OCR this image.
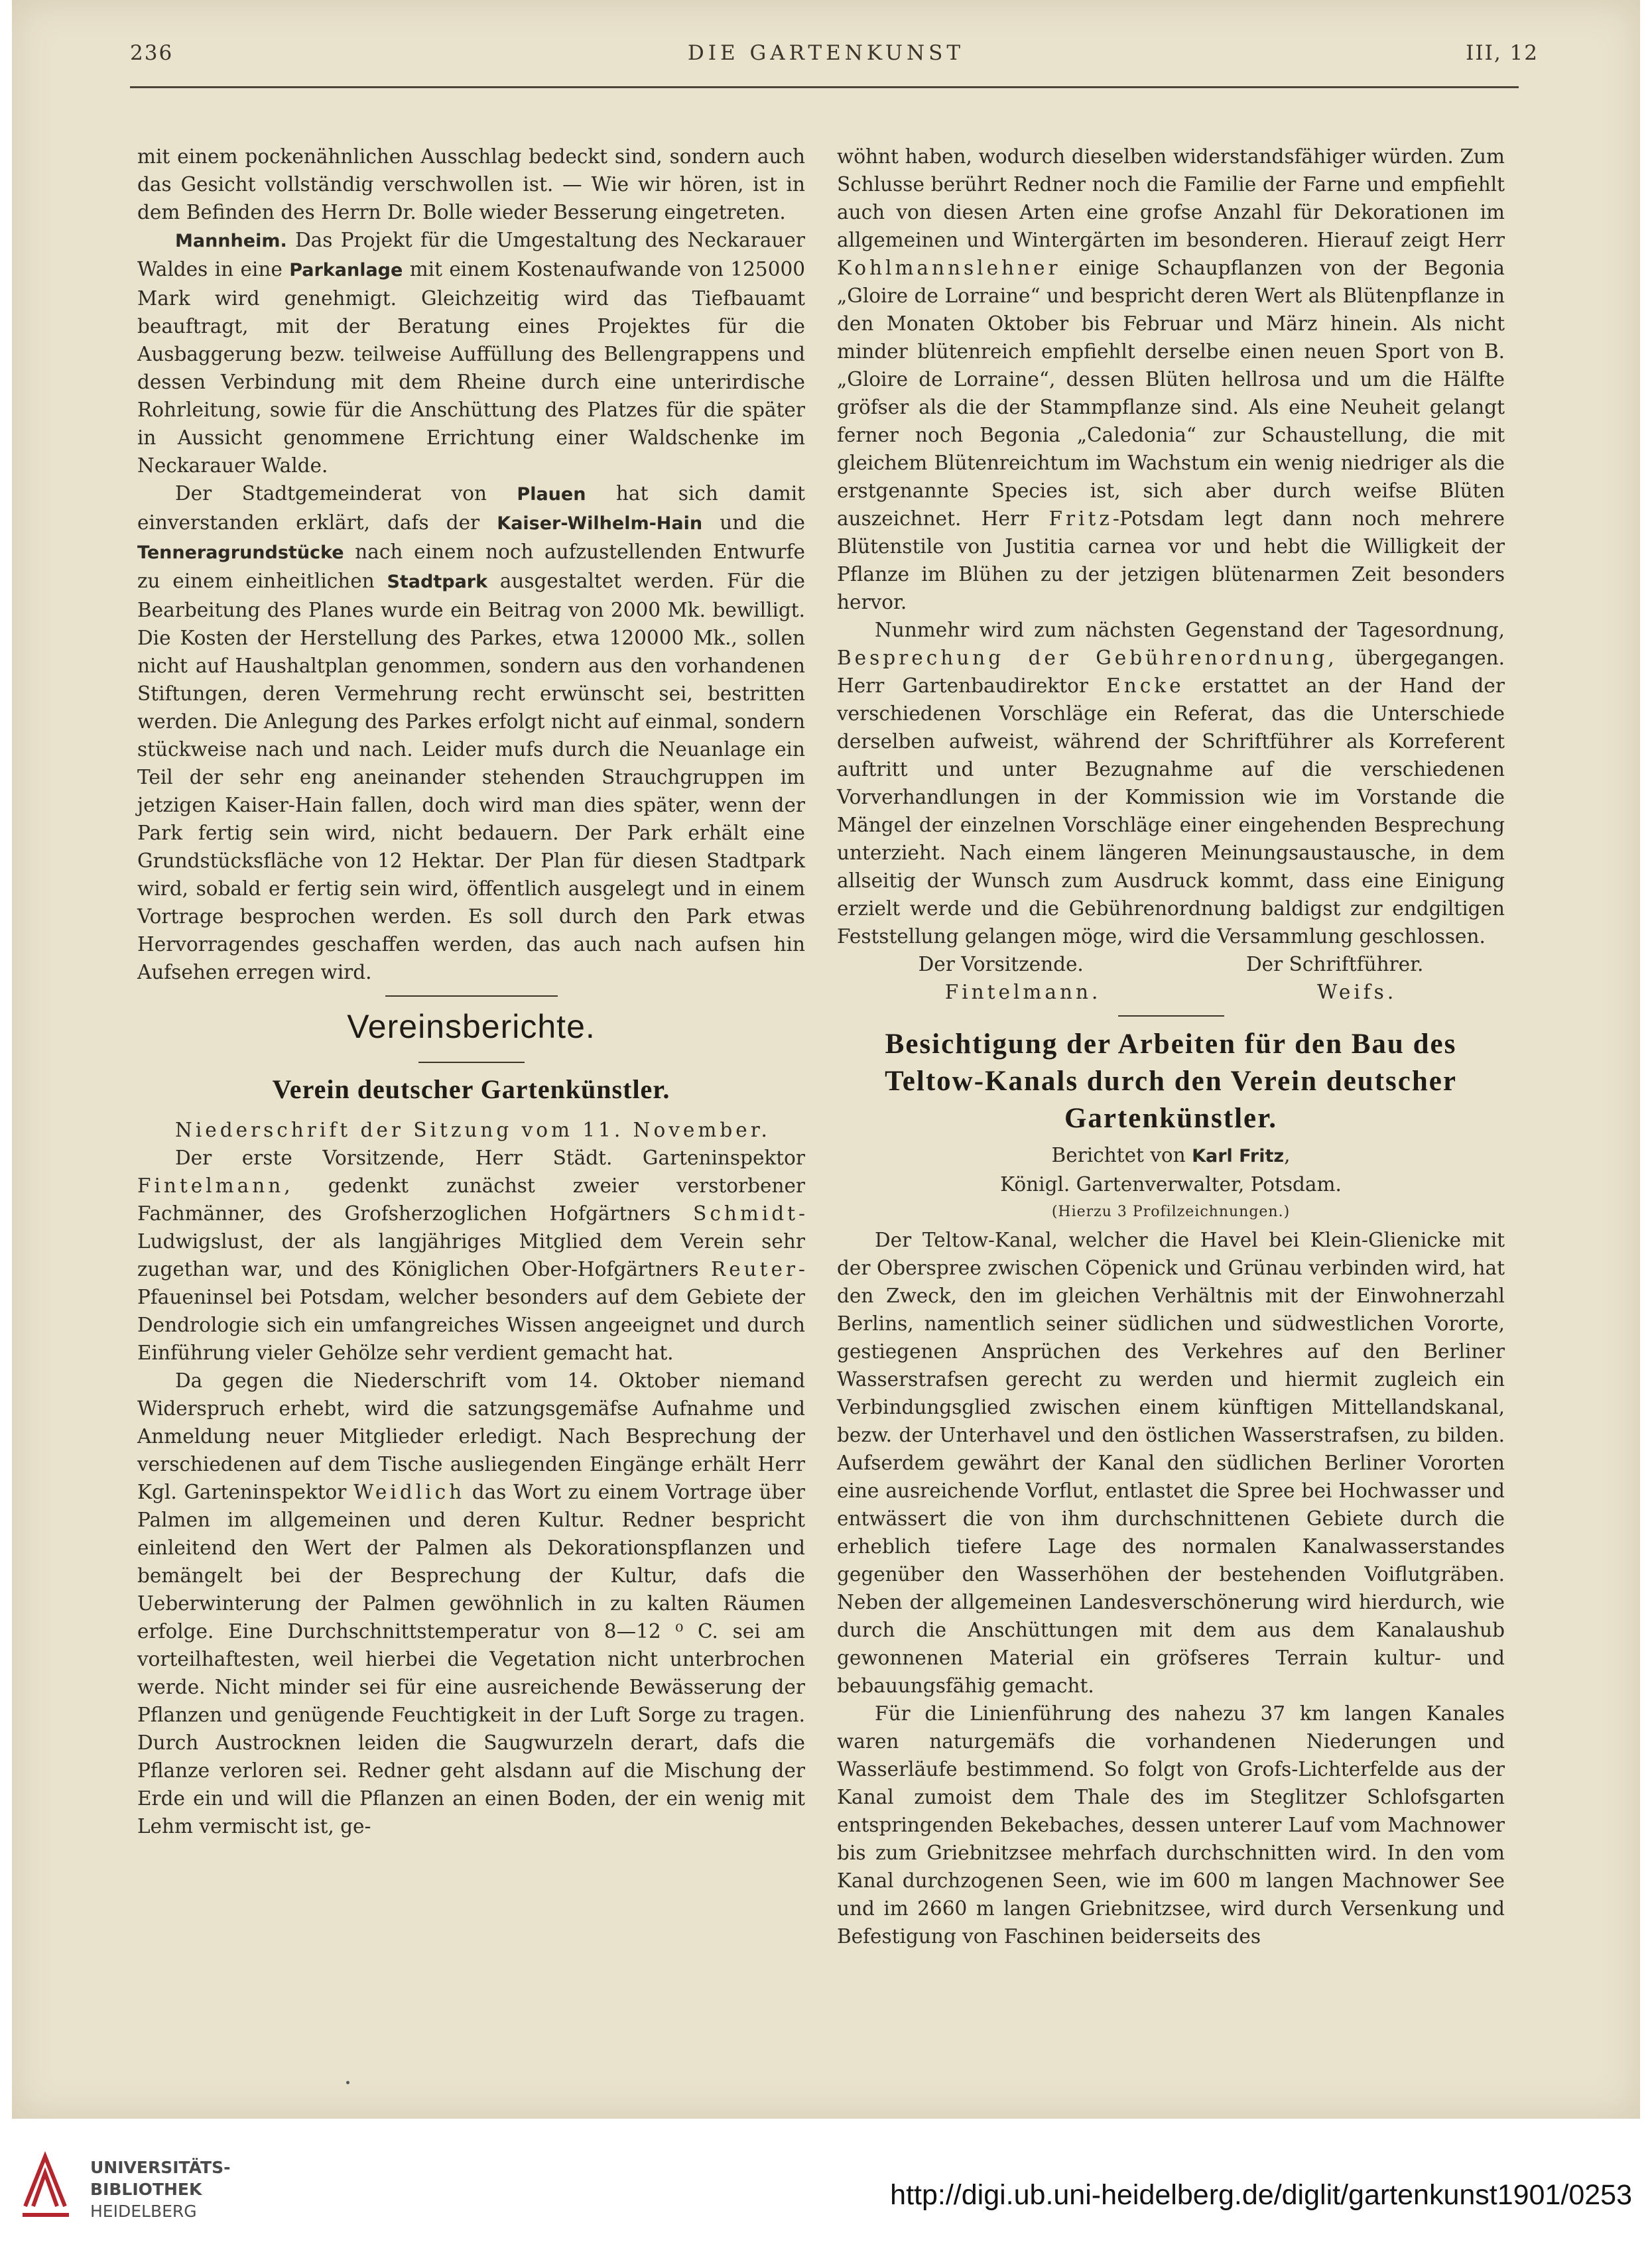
236	DIE GARTENKUNST	III, 12

mit einem pockenähnlichen Ausschlag bedeckt sind, sondern auch das Gesicht vollständig verschwollen ist. — Wie wir hören, ist in dem Befinden des Herrn Dr. Bolle wieder Besserung eingetreten.

Mannheim. Das Projekt für die Umgestaltung des Neckarauer Waldes in eine Parkanlage mit einem Kostenaufwande von 125000 Mark wird genehmigt. Gleichzeitig wird das Tiefbauamt beauftragt, mit der Beratung eines Projektes für die Ausbaggerung bezw. teilweise Auffüllung des Bellengrappens und dessen Verbindung mit dem Rheine durch eine unterirdische Rohrleitung, sowie für die Anschüttung des Platzes für die später in Aussicht genommene Errichtung einer Waldschenke im Neckarauer Walde.

Der Stadtgemeinderat von Plauen hat sich damit einverstanden erklärt, dafs der Kaiser-Wilhelm-Hain und die Tenneragrundstücke nach einem noch aufzustellenden Entwurfe zu einem einheitlichen Stadtpark ausgestaltet werden. Für die Bearbeitung des Planes wurde ein Beitrag von 2000 Mk. bewilligt. Die Kosten der Herstellung des Parkes, etwa 120000 Mk., sollen nicht auf Haushaltplan genommen, sondern aus den vorhandenen Stiftungen, deren Vermehrung recht erwünscht sei, bestritten werden. Die Anlegung des Parkes erfolgt nicht auf einmal, sondern stückweise nach und nach. Leider mufs durch die Neuanlage ein Teil der sehr eng aneinander stehenden Strauchgruppen im jetzigen Kaiser-Hain fallen, doch wird man dies später, wenn der Park fertig sein wird, nicht bedauern. Der Park erhält eine Grundstücksfläche von 12 Hektar. Der Plan für diesen Stadtpark wird, sobald er fertig sein wird, öffentlich ausgelegt und in einem Vortrage besprochen werden. Es soll durch den Park etwas Hervorragendes geschaffen werden, das auch nach aufsen hin Aufsehen erregen wird.

Vereinsberichte.
Verein deutscher Gartenkünstler.

Niederschrift der Sitzung vom 11. November.

Der erste Vorsitzende, Herr Städt. Garteninspektor Fintelmann, gedenkt zunächst zweier verstorbener Fachmänner, des Grofsherzoglichen Hofgärtners Schmidt-Ludwigslust, der als langjähriges Mitglied dem Verein sehr zugethan war, und des Königlichen Ober-Hofgärtners Reuter-Pfaueninsel bei Potsdam, welcher besonders auf dem Gebiete der Dendrologie sich ein umfangreiches Wissen angeeignet und durch Einführung vieler Gehölze sehr verdient gemacht hat.

Da gegen die Niederschrift vom 14. Oktober niemand Widerspruch erhebt, wird die satzungsgemäfse Aufnahme und Anmeldung neuer Mitglieder erledigt. Nach Besprechung der verschiedenen auf dem Tische ausliegenden Eingänge erhält Herr Kgl. Garteninspektor Weidlich das Wort zu einem Vortrage über Palmen im allgemeinen und deren Kultur. Redner bespricht einleitend den Wert der Palmen als Dekorationspflanzen und bemängelt bei der Besprechung der Kultur, dafs die Ueberwinterung der Palmen gewöhnlich in zu kalten Räumen erfolge. Eine Durchschnittstemperatur von 8—12 ⁰ C. sei am vorteilhaftesten, weil hierbei die Vegetation nicht unterbrochen werde. Nicht minder sei für eine ausreichende Bewässerung der Pflanzen und genügende Feuchtigkeit in der Luft Sorge zu tragen. Durch Austrocknen leiden die Saugwurzeln derart, dafs die Pflanze verloren sei. Redner geht alsdann auf die Mischung der Erde ein und will die Pflanzen an einen Boden, der ein wenig mit Lehm vermischt ist, ge-

wöhnt haben, wodurch dieselben widerstandsfähiger würden. Zum Schlusse berührt Redner noch die Familie der Farne und empfiehlt auch von diesen Arten eine grofse Anzahl für Dekorationen im allgemeinen und Wintergärten im besonderen. Hierauf zeigt Herr Kohlmannslehner einige Schaupflanzen von der Begonia „Gloire de Lorraine“ und bespricht deren Wert als Blütenpflanze in den Monaten Oktober bis Februar und März hinein. Als nicht minder blütenreich empfiehlt derselbe einen neuen Sport von B. „Gloire de Lorraine“, dessen Blüten hellrosa und um die Hälfte gröfser als die der Stammpflanze sind. Als eine Neuheit gelangt ferner noch Begonia „Caledonia“ zur Schaustellung, die mit gleichem Blütenreichtum im Wachstum ein wenig niedriger als die erstgenannte Species ist, sich aber durch weifse Blüten auszeichnet. Herr Fritz-Potsdam legt dann noch mehrere Blütenstile von Justitia carnea vor und hebt die Willigkeit der Pflanze im Blühen zu der jetzigen blütenarmen Zeit besonders hervor.

Nunmehr wird zum nächsten Gegenstand der Tagesordnung, Besprechung der Gebührenordnung, übergegangen. Herr Gartenbaudirektor Encke erstattet an der Hand der verschiedenen Vorschläge ein Referat, das die Unterschiede derselben aufweist, während der Schriftführer als Korreferent auftritt und unter Bezugnahme auf die verschiedenen Vorverhandlungen in der Kommission wie im Vorstande die Mängel der einzelnen Vorschläge einer eingehenden Besprechung unterzieht. Nach einem längeren Meinungsaustausche, in dem allseitig der Wunsch zum Ausdruck kommt, dass eine Einigung erzielt werde und die Gebührenordnung baldigst zur endgiltigen Feststellung gelangen möge, wird die Versammlung geschlossen.

Der Vorsitzende.	Der Schriftführer.
Fintelmann.	Weifs.
Besichtigung der Arbeiten für den Bau des Teltow-Kanals durch den Verein deutscher Gartenkünstler.
Berichtet von Karl Fritz,
Königl. Gartenverwalter, Potsdam.
(Hierzu 3 Profilzeichnungen.)

Der Teltow-Kanal, welcher die Havel bei Klein-Glienicke mit der Oberspree zwischen Cöpenick und Grünau verbinden wird, hat den Zweck, den im gleichen Verhältnis mit der Einwohnerzahl Berlins, namentlich seiner südlichen und südwestlichen Vororte, gestiegenen Ansprüchen des Verkehres auf den Berliner Wasserstrafsen gerecht zu werden und hiermit zugleich ein Verbindungsglied zwischen einem künftigen Mittellandskanal, bezw. der Unterhavel und den östlichen Wasserstrafsen, zu bilden. Aufserdem gewährt der Kanal den südlichen Berliner Vororten eine ausreichende Vorflut, entlastet die Spree bei Hochwasser und entwässert die von ihm durchschnittenen Gebiete durch die erheblich tiefere Lage des normalen Kanalwasserstandes gegenüber den Wasserhöhen der bestehenden Voiflutgräben. Neben der allgemeinen Landesverschönerung wird hierdurch, wie durch die Anschüttungen mit dem aus dem Kanalaushub gewonnenen Material ein gröfseres Terrain kultur- und bebauungsfähig gemacht.

Für die Linienführung des nahezu 37 km langen Kanales waren naturgemäfs die vorhandenen Niederungen und Wasserläufe bestimmend. So folgt von Grofs-Lichterfelde aus der Kanal zumoist dem Thale des im Steglitzer Schlofsgarten entspringenden Bekebaches, dessen unterer Lauf vom Machnower bis zum Griebnitzsee mehrfach durchschnitten wird. In den vom Kanal durchzogenen Seen, wie im 600 m langen Machnower See und im 2660 m langen Griebnitzsee, wird durch Versenkung und Befestigung von Faschinen beiderseits des

UNIVERSITÄTS-
BIBLIOTHEK
HEIDELBERG
http://digi.ub.uni-heidelberg.de/diglit/gartenkunst1901/0253
